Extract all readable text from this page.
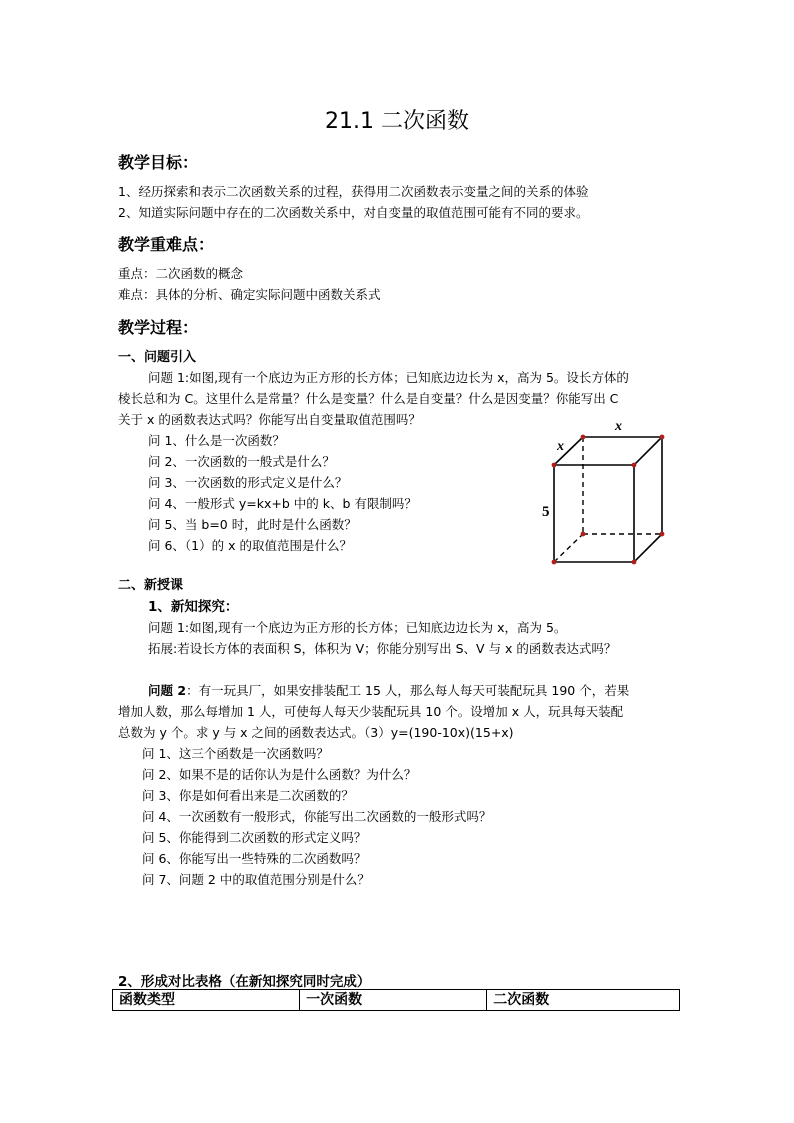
21.1 二次函数
教学目标：
1、经历探索和表示二次函数关系的过程，获得用二次函数表示变量之间的关系的体验
2、知道实际问题中存在的二次函数关系中，对自变量的取值范围可能有不同的要求。
教学重难点：
重点：二次函数的概念
难点：具体的分析、确定实际问题中函数关系式
教学过程：
一、问题引入
问题 1:如图,现有一个底边为正方形的长方体；已知底边边长为 x，高为 5。设长方体的
棱长总和为 C。这里什么是常量？什么是变量？什么是自变量？什么是因变量？你能写出 C
关于 x 的函数表达式吗？你能写出自变量取值范围吗？
问 1、什么是一次函数？
问 2、一次函数的一般式是什么？
问 3、一次函数的形式定义是什么？
问 4、一般形式 y=kx+b 中的 k、b 有限制吗？
问 5、当 b=0 时，此时是什么函数？
问 6、（1）的 x 的取值范围是什么？
x
x
5
二、新授课
1、新知探究：
问题 1:如图,现有一个底边为正方形的长方体；已知底边边长为 x，高为 5。
拓展:若设长方体的表面积 S，体积为 V；你能分别写出 S、V 与 x 的函数表达式吗？
问题 2：有一玩具厂，如果安排装配工 15 人，那么每人每天可装配玩具 190 个，若果
增加人数，那么每增加 1 人，可使每人每天少装配玩具 10 个。设增加 x 人，玩具每天装配
总数为 y 个。求 y 与 x 之间的函数表达式。（3）y=(190-10x)(15+x)
问 1、这三个函数是一次函数吗？
问 2、如果不是的话你认为是什么函数？为什么？
问 3、你是如何看出来是二次函数的？
问 4、一次函数有一般形式，你能写出二次函数的一般形式吗？
问 5、你能得到二次函数的形式定义吗？
问 6、你能写出一些特殊的二次函数吗？
问 7、问题 2 中的取值范围分别是什么？
2、形成对比表格（在新知探究同时完成）
函数类型	一次函数	二次函数
